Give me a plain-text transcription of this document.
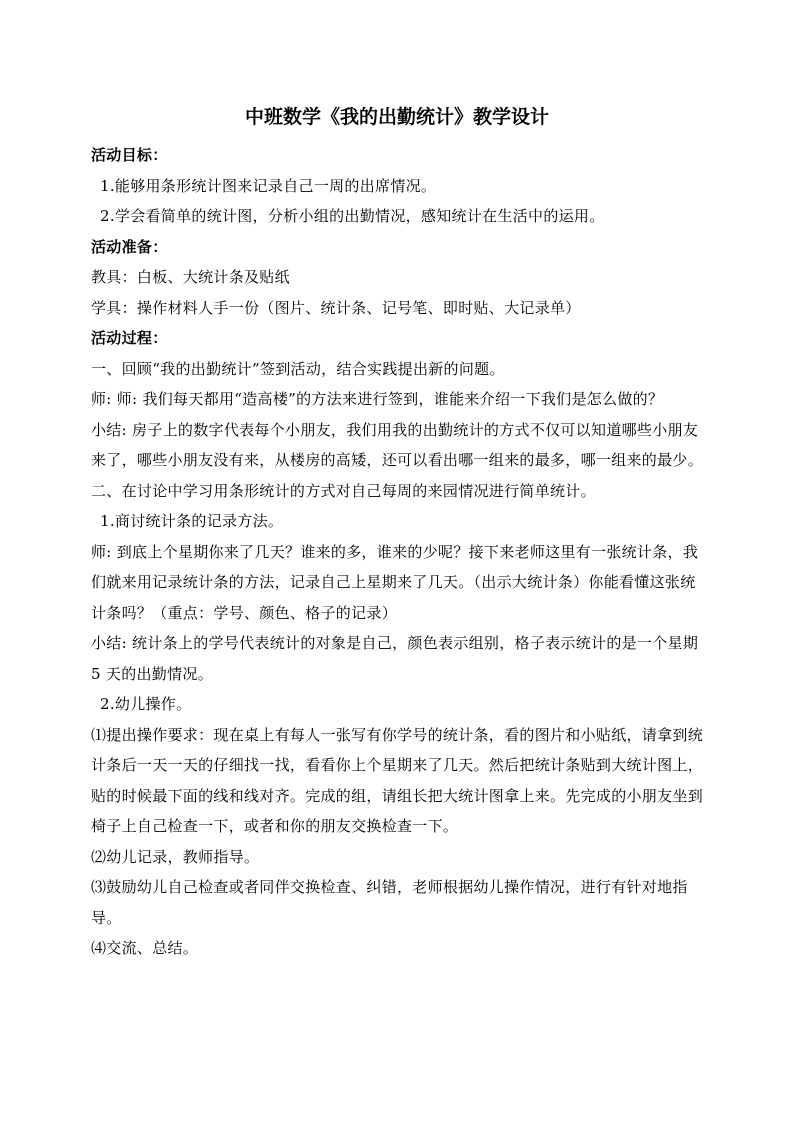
中班数学《我的出勤统计》教学设计

活动目标：

1.能够用条形统计图来记录自己一周的出席情况。

2.学会看简单的统计图，分析小组的出勤情况，感知统计在生活中的运用。

活动准备：

教具：白板、大统计条及贴纸

学具：操作材料人手一份（图片、统计条、记号笔、即时贴、大记录单）

活动过程：

一、回顾“我的出勤统计”签到活动，结合实践提出新的问题。

师: 师: 我们每天都用“造高楼”的方法来进行签到，谁能来介绍一下我们是怎么做的？

小结: 房子上的数字代表每个小朋友，我们用我的出勤统计的方式不仅可以知道哪些小朋友来了，哪些小朋友没有来，从楼房的高矮，还可以看出哪一组来的最多，哪一组来的最少。

二、在讨论中学习用条形统计的方式对自己每周的来园情况进行简单统计。

1.商讨统计条的记录方法。

师: 到底上个星期你来了几天？谁来的多，谁来的少呢？接下来老师这里有一张统计条，我们就来用记录统计条的方法，记录自己上星期来了几天。（出示大统计条）你能看懂这张统计条吗？（重点：学号、颜色、格子的记录）

小结: 统计条上的学号代表统计的对象是自己，颜色表示组别，格子表示统计的是一个星期 5 天的出勤情况。

2.幼儿操作。

⑴提出操作要求：现在桌上有每人一张写有你学号的统计条，看的图片和小贴纸，请拿到统计条后一天一天的仔细找一找，看看你上个星期来了几天。然后把统计条贴到大统计图上，贴的时候最下面的线和线对齐。完成的组，请组长把大统计图拿上来。先完成的小朋友坐到椅子上自己检查一下，或者和你的朋友交换检查一下。

⑵幼儿记录，教师指导。

⑶鼓励幼儿自己检查或者同伴交换检查、纠错，老师根据幼儿操作情况，进行有针对地指导。

⑷交流、总结。
